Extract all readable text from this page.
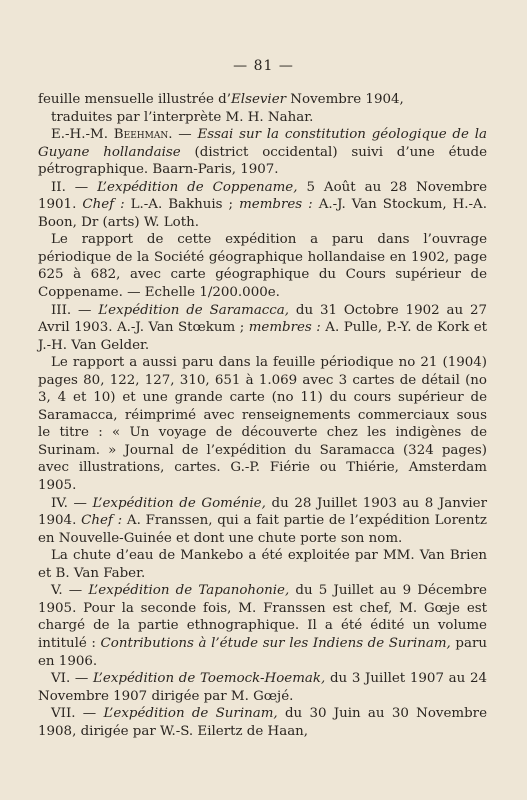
— 81 —

feuille mensuelle illustrée d’Elsevier Novembre 1904,
traduites par l’interprète M. H. Nahar.

E.-H.-M. Beehman. — Essai sur la constitution géologique de la Guyane hollandaise (district occidental) suivi d’une étude pétrographique. Baarn-Paris, 1907.

II. — L’expédition de Coppename, 5 Août au 28 Novembre 1901. Chef : L.-A. Bakhuis ; membres : A.-J. Van Stockum, H.-A. Boon, Dr (arts) W. Loth.

Le rapport de cette expédition a paru dans l’ouvrage périodique de la Société géographique hollandaise en 1902, page 625 à 682, avec carte géographique du Cours supérieur de Coppename. — Echelle 1/200.000e.

III. — L’expédition de Saramacca, du 31 Octobre 1902 au 27 Avril 1903. A.-J. Van Stœkum ; membres : A. Pulle, P.-Y. de Kork et J.-H. Van Gelder.

Le rapport a aussi paru dans la feuille périodique no 21 (1904) pages 80, 122, 127, 310, 651 à 1.069 avec 3 cartes de détail (no 3, 4 et 10) et une grande carte (no 11) du cours supérieur de Saramacca, réimprimé avec renseignements commerciaux sous le titre : « Un voyage de découverte chez les indigènes de Surinam. » Journal de l’expédition du Saramacca (324 pages) avec illustrations, cartes. G.-P. Fiérie ou Thiérie, Amsterdam 1905.

IV. — L’expédition de Goménie, du 28 Juillet 1903 au 8 Janvier 1904. Chef : A. Franssen, qui a fait partie de l’expédition Lorentz en Nouvelle-Guinée et dont une chute porte son nom.

La chute d’eau de Mankebo a été exploitée par MM. Van Brien et B. Van Faber.

V. — L’expédition de Tapanohonie, du 5 Juillet au 9 Décembre 1905. Pour la seconde fois, M. Franssen est chef, M. Gœje est chargé de la partie ethnographique. Il a été édité un volume intitulé : Contributions à l’étude sur les Indiens de Surinam, paru en 1906.

VI. — L’expédition de Toemock-Hoemak, du 3 Juillet 1907 au 24 Novembre 1907 dirigée par M. Gœjé.

VII. — L’expédition de Surinam, du 30 Juin au 30 Novembre 1908, dirigée par W.-S. Eilertz de Haan,
